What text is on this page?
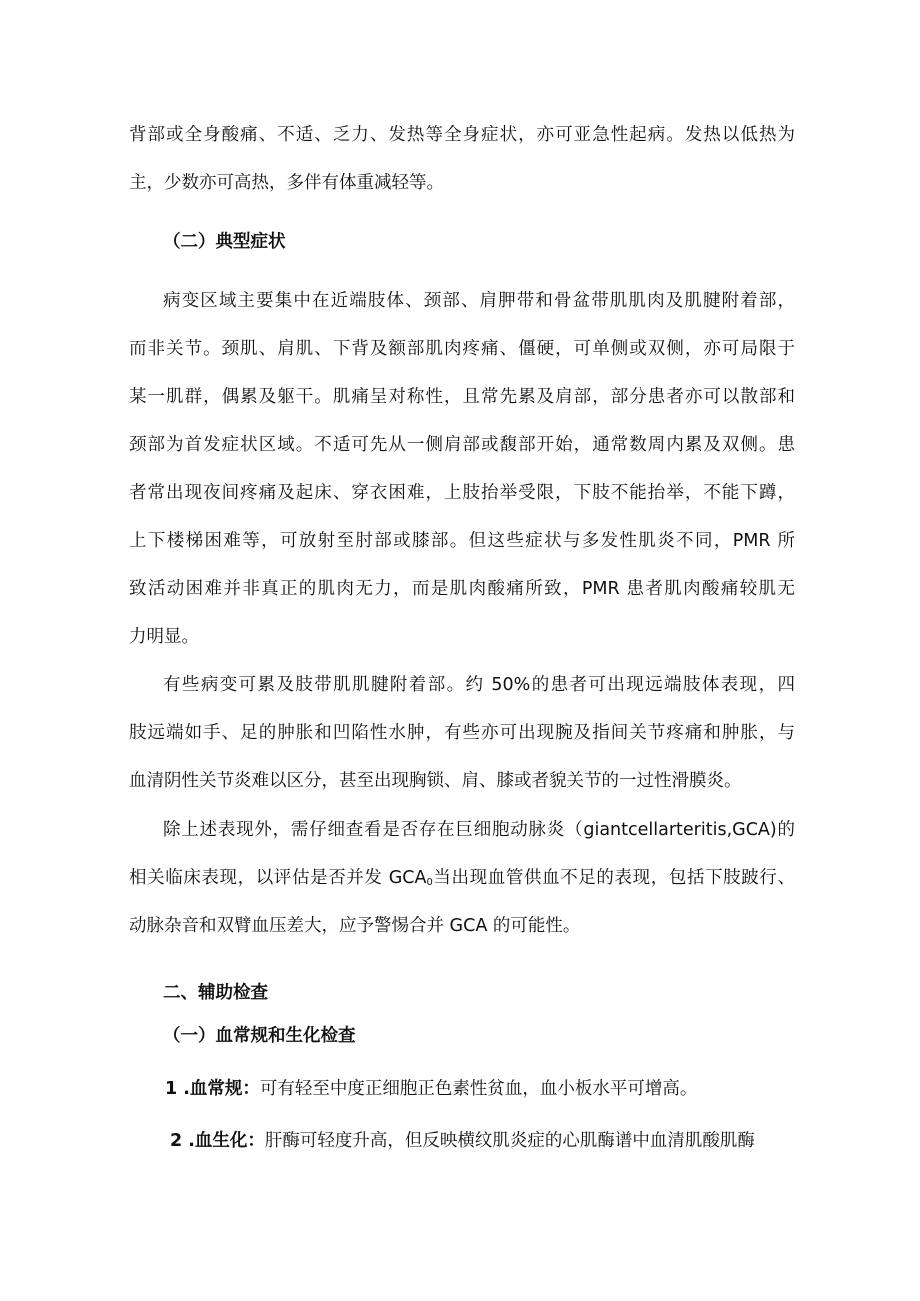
背部或全身酸痛、不适、乏力、发热等全身症状，亦可亚急性起病。发热以低热为

主，少数亦可高热，多伴有体重减轻等。

（二）典型症状

病变区域主要集中在近端肢体、颈部、肩胛带和骨盆带肌肌肉及肌腱附着部，

而非关节。颈肌、肩肌、下背及额部肌肉疼痛、僵硬，可单侧或双侧，亦可局限于

某一肌群，偶累及躯干。肌痛呈对称性，且常先累及肩部，部分患者亦可以散部和

颈部为首发症状区域。不适可先从一侧肩部或馥部开始，通常数周内累及双侧。患

者常出现夜间疼痛及起床、穿衣困难，上肢抬举受限，下肢不能抬举，不能下蹲，

上下楼梯困难等，可放射至肘部或膝部。但这些症状与多发性肌炎不同，PMR 所

致活动困难并非真正的肌肉无力，而是肌肉酸痛所致，PMR 患者肌肉酸痛较肌无

力明显。

有些病变可累及肢带肌肌腱附着部。约 50%的患者可出现远端肢体表现，四

肢远端如手、足的肿胀和凹陷性水肿，有些亦可出现腕及指间关节疼痛和肿胀，与

血清阴性关节炎难以区分，甚至出现胸锁、肩、膝或者貌关节的一过性滑膜炎。

除上述表现外，需仔细查看是否存在巨细胞动脉炎（giantcellarteritis,GCA)的

相关临床表现，以评估是否并发 $GCA_0$当出现血管供血不足的表现，包括下肢跛行、

动脉杂音和双臂血压差大，应予警惕合并 GCA 的可能性。

二、辅助检查

（一）血常规和生化检查

1 .血常规：可有轻至中度正细胞正色素性贫血，血小板水平可增高。

2 .血生化：肝酶可轻度升高，但反映横纹肌炎症的心肌酶谱中血清肌酸肌酶
